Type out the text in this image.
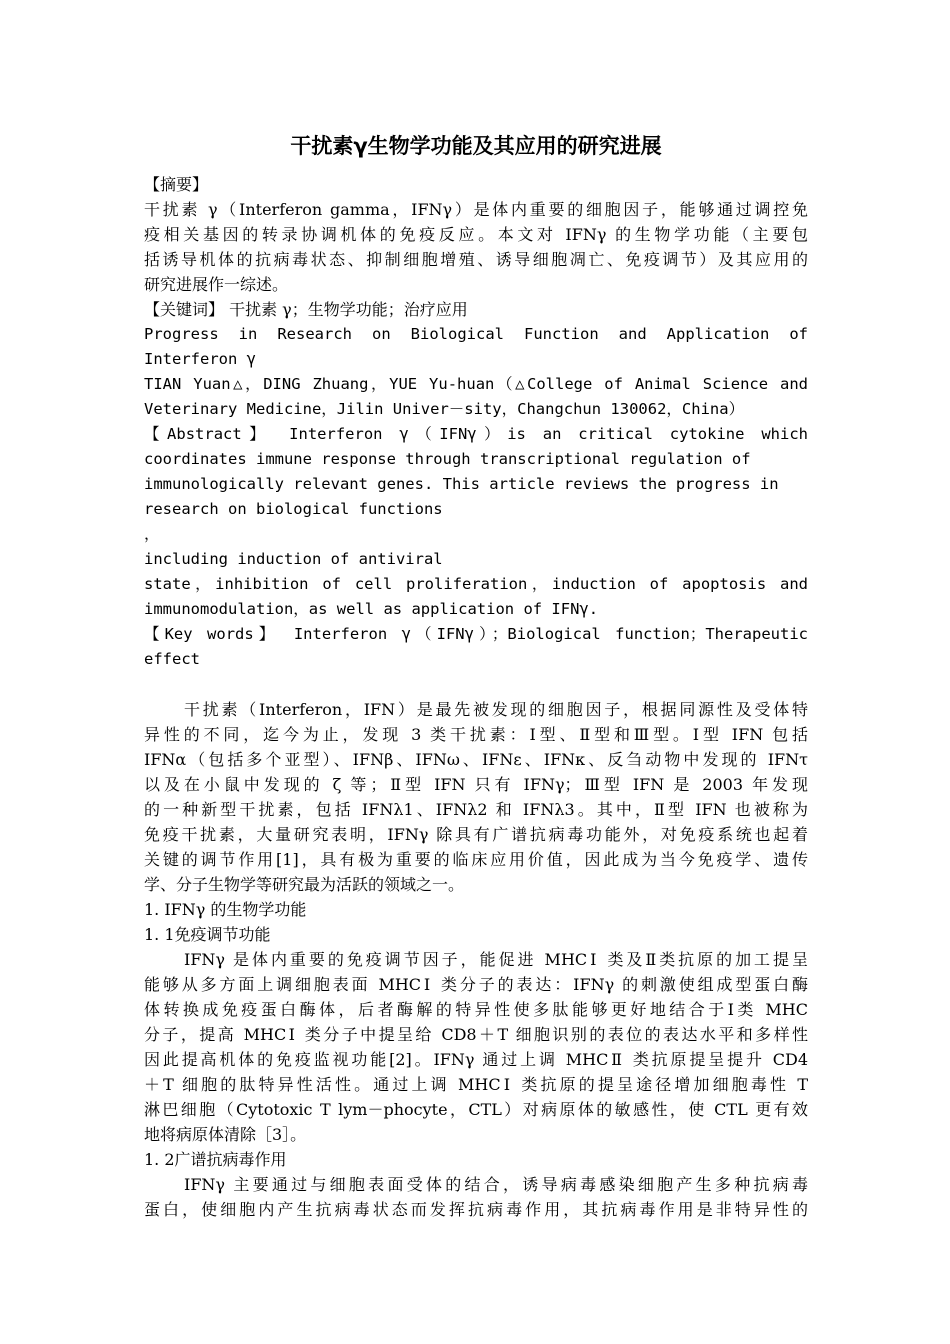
干扰素γ生物学功能及其应用的研究进展
【摘要】
干扰素 γ（Interferon gamma，IFNγ）是体内重要的细胞因子，能够通过调控免
疫相关基因的转录协调机体的免疫反应。本文对 IFNγ 的生物学功能（主要包
括诱导机体的抗病毒状态、抑制细胞增殖、诱导细胞凋亡、免疫调节）及其应用的
研究进展作一综述。
【关键词】 干扰素 γ；生物学功能；治疗应用
Progress in Research on Biological Function and Application of
Interferon γ
TIAN Yuan△，DING Zhuang，YUE Yu-huan（△College of Animal Science and
Veterinary Medicine，Jilin Univer－sity，Changchun 130062，China）
【Abstract】 Interferon γ（IFNγ）is an critical cytokine which
coordinates immune response through transcriptional regulation of
immunologically relevant genes. This article reviews the progress in
research on biological functions
，
including induction of antiviral
state，inhibition of cell proliferation，induction of apoptosis and
immunomodulation，as well as application of IFNγ.
【Key words】 Interferon γ（IFNγ）；Biological function；Therapeutic
effect
干扰素（Interferon，IFN）是最先被发现的细胞因子，根据同源性及受体特
异性的不同，迄今为止，发现 3 类干扰素：Ⅰ型、Ⅱ型和Ⅲ型。Ⅰ型 IFN 包括
IFNα（包括多个亚型）、IFNβ、IFNω、IFNε、IFNκ、反刍动物中发现的 IFNτ
以及在小鼠中发现的 ζ 等；Ⅱ型 IFN 只有 IFNγ；Ⅲ型 IFN 是 2003 年发现
的一种新型干扰素，包括 IFNλ1、IFNλ2 和 IFNλ3。其中，Ⅱ型 IFN 也被称为
免疫干扰素，大量研究表明，IFNγ 除具有广谱抗病毒功能外，对免疫系统也起着
关键的调节作用[1]，具有极为重要的临床应用价值，因此成为当今免疫学、遗传
学、分子生物学等研究最为活跃的领域之一。
1. IFNγ 的生物学功能
1. 1免疫调节功能
IFNγ 是体内重要的免疫调节因子，能促进 MHCⅠ 类及Ⅱ类抗原的加工提呈
能够从多方面上调细胞表面 MHCⅠ 类分子的表达：IFNγ 的刺激使组成型蛋白酶
体转换成免疫蛋白酶体，后者酶解的特异性使多肽能够更好地结合于Ⅰ类 MHC
分子，提高 MHCⅠ 类分子中提呈给 CD8＋T 细胞识别的表位的表达水平和多样性
因此提高机体的免疫监视功能[2]。IFNγ 通过上调 MHCⅡ 类抗原提呈提升 CD4
＋T 细胞的肽特异性活性。通过上调 MHCⅠ 类抗原的提呈途径增加细胞毒性 T
淋巴细胞（Cytotoxic T lym－phocyte，CTL）对病原体的敏感性，使 CTL 更有效
地将病原体清除［3］。
1. 2广谱抗病毒作用
IFNγ 主要通过与细胞表面受体的结合，诱导病毒感染细胞产生多种抗病毒
蛋白，使细胞内产生抗病毒状态而发挥抗病毒作用，其抗病毒作用是非特异性的
